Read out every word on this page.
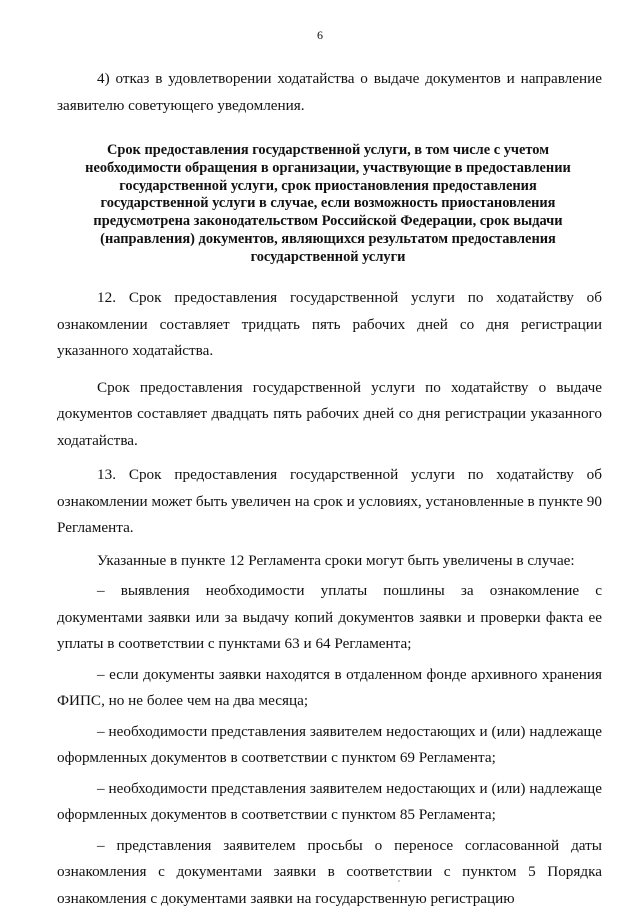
6

4) отказ в удовлетворении ходатайства о выдаче документов и направление заявителю советующего уведомления.

Срок предоставления государственной услуги, в том числе с учетом необходимости обращения в организации, участвующие в предоставлении государственной услуги, срок приостановления предоставления государственной услуги в случае, если возможность приостановления предусмотрена законодательством Российской Федерации, срок выдачи (направления) документов, являющихся результатом предоставления государственной услуги

12. Срок предоставления государственной услуги по ходатайству об ознакомлении составляет тридцать пять рабочих дней со дня регистрации указанного ходатайства.

Срок предоставления государственной услуги по ходатайству о выдаче документов составляет двадцать пять рабочих дней со дня регистрации указанного ходатайства.

13. Срок предоставления государственной услуги по ходатайству об ознакомлении может быть увеличен на срок и условиях, установленные в пункте 90 Регламента.

Указанные в пункте 12 Регламента сроки могут быть увеличены в случае:

– выявления необходимости уплаты пошлины за ознакомление с документами заявки или за выдачу копий документов заявки и проверки факта ее уплаты в соответствии с пунктами 63 и 64 Регламента;

– если документы заявки находятся в отдаленном фонде архивного хранения ФИПС, но не более чем на два месяца;

– необходимости представления заявителем недостающих и (или) надлежаще оформленных документов в соответствии с пунктом 69 Регламента;

– необходимости представления заявителем недостающих и (или) надлежаще оформленных документов в соответствии с пунктом 85 Регламента;

– представления заявителем просьбы о переносе согласованной даты ознакомления с документами заявки в соответствии с пунктом 5 Порядка ознакомления с документами заявки на государственную регистрацию
